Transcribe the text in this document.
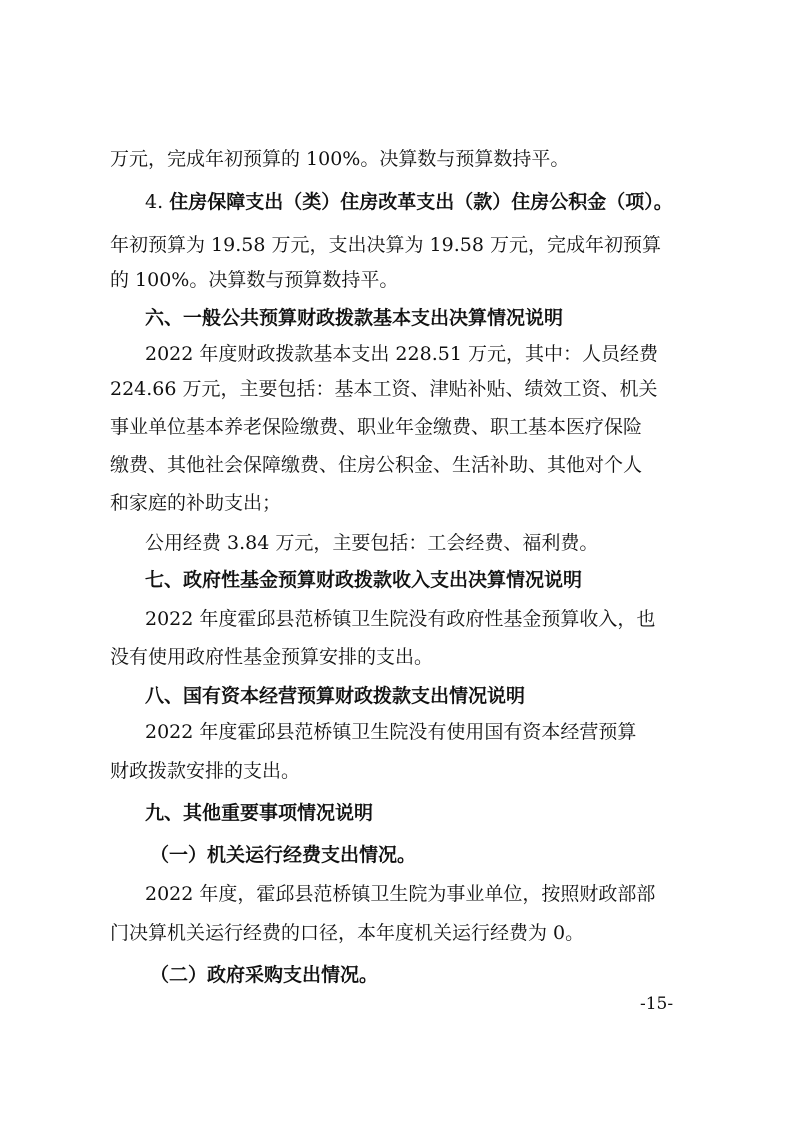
万元，完成年初预算的 100%。决算数与预算数持平。
4. 住房保障支出（类）住房改革支出（款）住房公积金（项）。
年初预算为 19.58 万元，支出决算为 19.58 万元，完成年初预算
的 100%。决算数与预算数持平。
六、一般公共预算财政拨款基本支出决算情况说明
2022 年度财政拨款基本支出 228.51 万元，其中：人员经费
224.66 万元，主要包括：基本工资、津贴补贴、绩效工资、机关
事业单位基本养老保险缴费、职业年金缴费、职工基本医疗保险
缴费、其他社会保障缴费、住房公积金、生活补助、其他对个人
和家庭的补助支出；
公用经费 3.84 万元，主要包括：工会经费、福利费。
七、政府性基金预算财政拨款收入支出决算情况说明
2022 年度霍邱县范桥镇卫生院没有政府性基金预算收入，也
没有使用政府性基金预算安排的支出。
八、国有资本经营预算财政拨款支出情况说明
2022 年度霍邱县范桥镇卫生院没有使用国有资本经营预算
财政拨款安排的支出。
九、其他重要事项情况说明
（一）机关运行经费支出情况。
2022 年度，霍邱县范桥镇卫生院为事业单位，按照财政部部
门决算机关运行经费的口径，本年度机关运行经费为 0。
（二）政府采购支出情况。
-15-
